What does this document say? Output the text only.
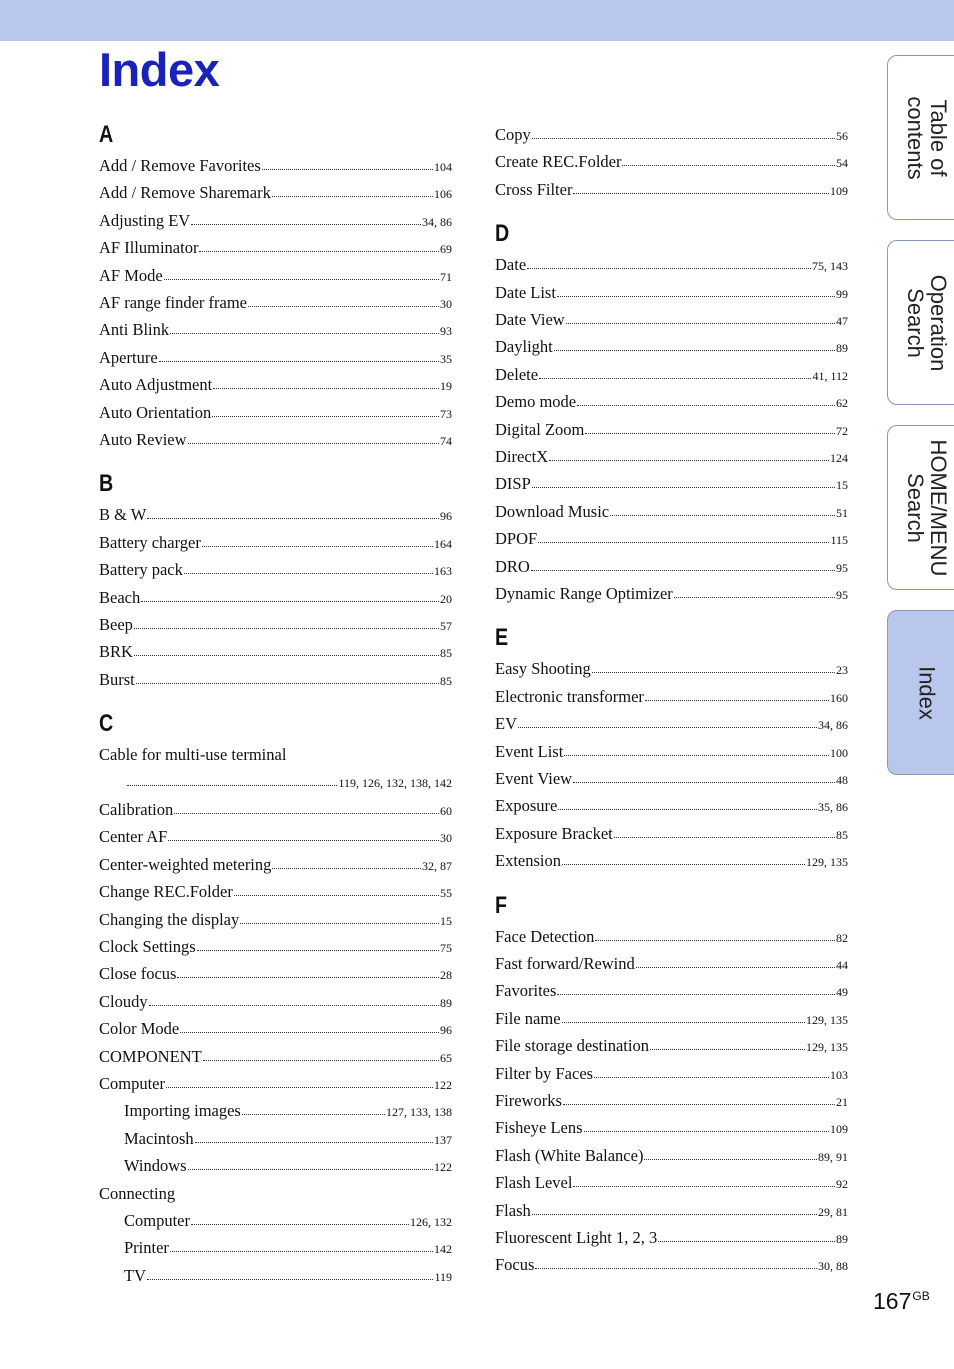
Index
A
Add / Remove Favorites	104
Add / Remove Sharemark	106
Adjusting EV	34, 86
AF Illuminator	69
AF Mode	71
AF range finder frame	30
Anti Blink	93
Aperture	35
Auto Adjustment	19
Auto Orientation	73
Auto Review	74
B
B & W	96
Battery charger	164
Battery pack	163
Beach	20
Beep	57
BRK	85
Burst	85
C
Cable for multi-use terminal
119, 126, 132, 138, 142
Calibration	60
Center AF	30
Center-weighted metering	32, 87
Change REC.Folder	55
Changing the display	15
Clock Settings	75
Close focus	28
Cloudy	89
Color Mode	96
COMPONENT	65
Computer	122
Importing images	127, 133, 138
Macintosh	137
Windows	122
Connecting
Computer	126, 132
Printer	142
TV	119
Copy	56
Create REC.Folder	54
Cross Filter	109
D
Date	75, 143
Date List	99
Date View	47
Daylight	89
Delete	41, 112
Demo mode	62
Digital Zoom	72
DirectX	124
DISP	15
Download Music	51
DPOF	115
DRO	95
Dynamic Range Optimizer	95
E
Easy Shooting	23
Electronic transformer	160
EV	34, 86
Event List	100
Event View	48
Exposure	35, 86
Exposure Bracket	85
Extension	129, 135
F
Face Detection	82
Fast forward/Rewind	44
Favorites	49
File name	129, 135
File storage destination	129, 135
Filter by Faces	103
Fireworks	21
Fisheye Lens	109
Flash (White Balance)	89, 91
Flash Level	92
Flash	29, 81
Fluorescent Light 1, 2, 3	89
Focus	30, 88
Table of
contents
Operation
Search
HOME/MENU
Search
Index
$167^{GB}$
